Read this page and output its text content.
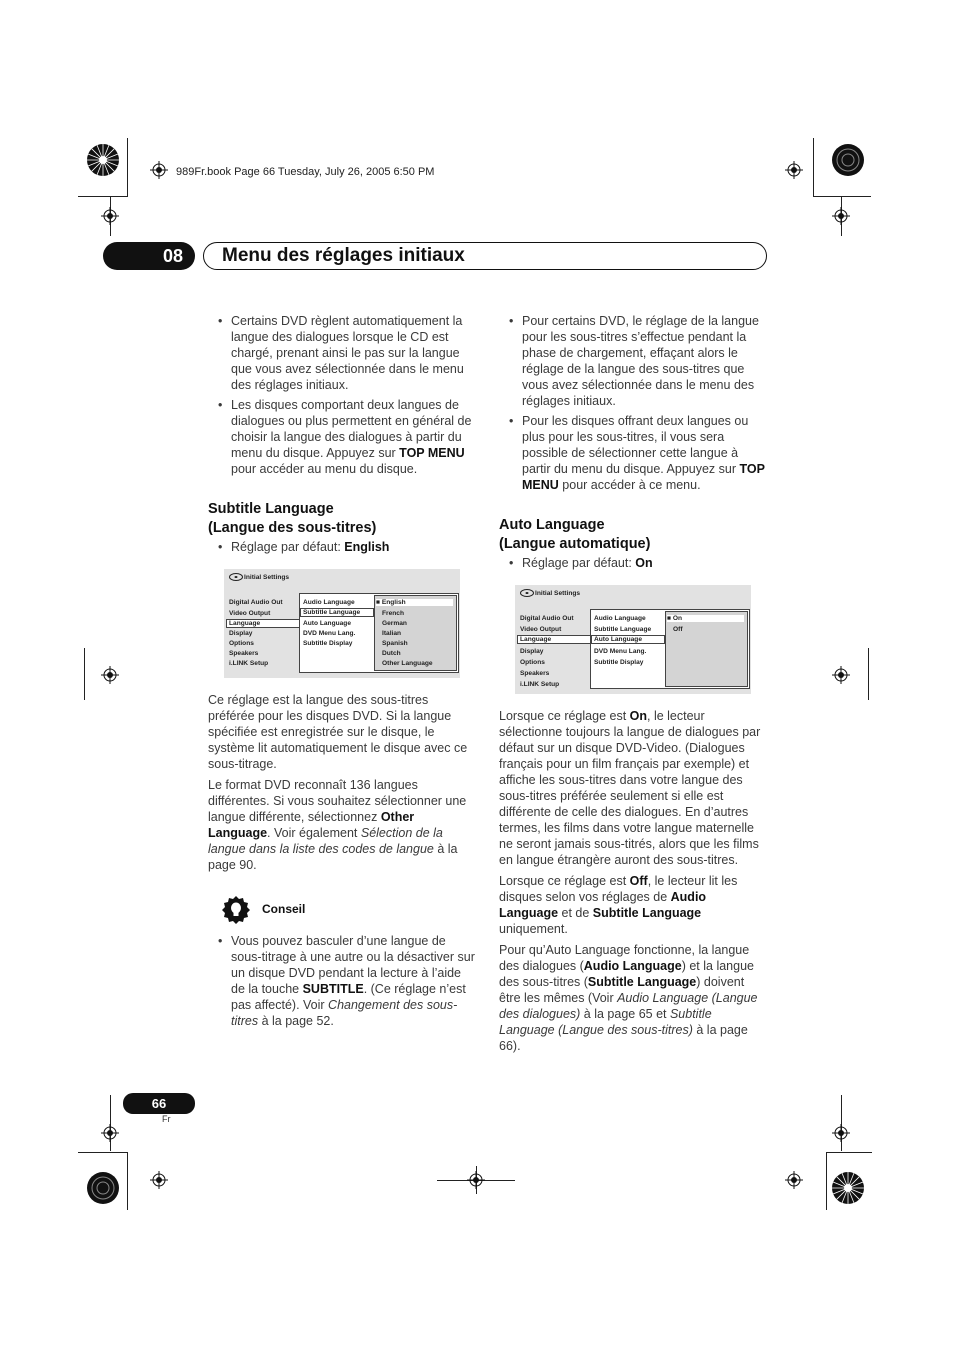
989Fr.book Page 66 Tuesday, July 26, 2005 6:50 PM
08	Menu des réglages initiaux
• Certains DVD règlent automatiquement la langue des dialogues lorsque le CD est chargé, prenant ainsi le pas sur la langue que vous avez sélectionnée dans le menu des réglages initiaux.
• Les disques comportant deux langues de dialogues ou plus permettent en général de choisir la langue des dialogues à partir du menu du disque. Appuyez sur TOP MENU pour accéder au menu du disque.
Subtitle Language
(Langue des sous-titres)
• Réglage par défaut: English
Initial Settings
Digital Audio Out
Video Output
Language
Display
Options
Speakers
i.LINK Setup
Audio Language
Subtitle Language
Auto Language
DVD Menu Lang.
Subtitle Display
■ English
French
German
Italian
Spanish
Dutch
Other Language

Ce réglage est la langue des sous-titres préférée pour les disques DVD. Si la langue spécifiée est enregistrée sur le disque, le système lit automatiquement le disque avec ce sous-titrage.

Le format DVD reconnaît 136 langues différentes. Si vous souhaitez sélectionner une langue différente, sélectionnez Other Language. Voir également Sélection de la langue dans la liste des codes de langue à la page 90.

Conseil
• Vous pouvez basculer d’une langue de sous-titrage à une autre ou la désactiver sur un disque DVD pendant la lecture à l’aide de la touche SUBTITLE. (Ce réglage n’est pas affecté). Voir Changement des sous-titres à la page 52.
• Pour certains DVD, le réglage de la langue pour les sous-titres s’effectue pendant la phase de chargement, effaçant alors le réglage de la langue des sous-titres que vous avez sélectionnée dans le menu des réglages initiaux.
• Pour les disques offrant deux langues ou plus pour les sous-titres, il vous sera possible de sélectionner cette langue à partir du menu du disque. Appuyez sur TOP MENU pour accéder à ce menu.
Auto Language
(Langue automatique)
• Réglage par défaut: On
Initial Settings
Digital Audio Out
Video Output
Language
Display
Options
Speakers
i.LINK Setup
Audio Language
Subtitle Language
Auto Language
DVD Menu Lang.
Subtitle Display
■ On
Off

Lorsque ce réglage est On, le lecteur sélectionne toujours la langue de dialogues par défaut sur un disque DVD-Video. (Dialogues français pour un film français par exemple) et affiche les sous-titres dans votre langue des sous-titres préférée seulement si elle est différente de celle des dialogues. En d’autres termes, les films dans votre langue maternelle ne seront jamais sous-titrés, alors que les films en langue étrangère auront des sous-titres.

Lorsque ce réglage est Off, le lecteur lit les disques selon vos réglages de Audio Language et de Subtitle Language uniquement.

Pour qu’Auto Language fonctionne, la langue des dialogues (Audio Language) et la langue des sous-titres (Subtitle Language) doivent être les mêmes (Voir Audio Language (Langue des dialogues) à la page 65 et Subtitle Language (Langue des sous-titres) à la page 66).

66
Fr
